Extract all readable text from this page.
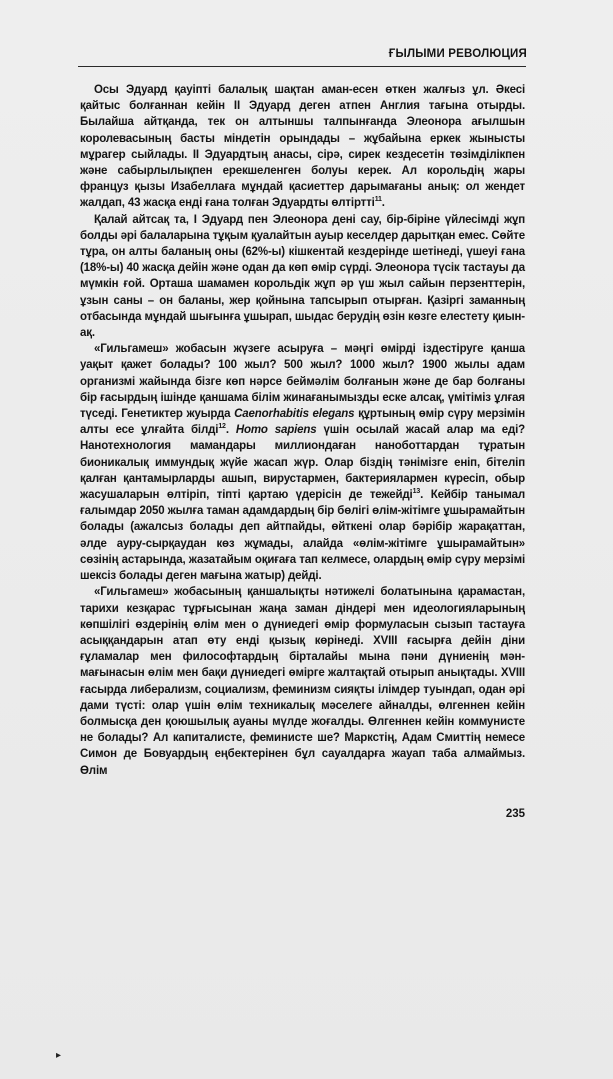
ҒЫЛЫМИ РЕВОЛЮЦИЯ

Осы Эдуард қауіпті балалық шақтан аман-есен өткен жалғыз ұл. Әкесі қайтыс болғаннан кейін II Эдуард деген атпен Англия тағына отырды. Былайша айтқанда, тек он алтыншы талпынғанда Элеонора ағылшын королевасының басты міндетін орындады – жұбайына еркек жынысты мұрагер сыйлады. II Эдуардтың анасы, сірә, сирек кездесетін төзімділікпен және сабырлылықпен ерекшеленген болуы керек. Ал корольдің жары француз қызы Изабеллаға мұндай қасиеттер дарымағаны анық: ол жендет жалдап, 43 жасқа енді ғана толған Эдуардты өлтіртті$^{11}$.

Қалай айтсақ та, I Эдуард пен Элеонора дені сау, бір-біріне үйлесімді жұп болды әрі балаларына тұқым қуалайтын ауыр кеселдер дарытқан емес. Сөйте тұра, он алты баланың оны (62%-ы) кішкентай кездерінде шетінеді, үшеуі ғана (18%-ы) 40 жасқа дейін және одан да көп өмір сүрді. Элеонора түсік тастауы да мүмкін ғой. Орташа шамамен корольдік жұп әр үш жыл сайын перзенттерін, ұзын саны – он баланы, жер қойнына тапсырып отырған. Қазіргі заманның отбасында мұндай шығынға ұшырап, шыдас берудің өзін көзге елестету қиын-ақ.

«Гильгамеш» жобасын жүзеге асыруға – мәңгі өмірді іздестіруге қанша уақыт қажет болады? 100 жыл? 500 жыл? 1000 жыл? 1900 жылы адам организмі жайында бізге көп нәрсе беймәлім болғанын және де бар болғаны бір ғасырдың ішінде қаншама білім жинағанымызды еске алсақ, үмітіміз ұлғая түседі. Генетиктер жуырда Caenorhabitis elegans құртының өмір сүру мерзімін алты есе ұлғайта білді$^{12}$. Homo sapiens үшін осылай жасай алар ма еді? Нанотехнология мамандары миллиондаған наноботтардан тұратын бионикалық иммундық жүйе жасап жүр. Олар біздің тәнімізге еніп, бітеліп қалған қантамырларды ашып, вирустармен, бактериялармен күресіп, обыр жасушаларын өлтіріп, тіпті қартаю үдерісін де тежейді$^{13}$. Кейбір танымал ғалымдар 2050 жылға таман адамдардың бір бөлігі өлім-жітімге ұшырамайтын болады (ажалсыз болады деп айтпайды, өйткені олар бәрібір жарақаттан, әлде ауру-сырқаудан көз жұмады, алайда «өлім-жітімге ұшырамайтын» сөзінің астарында, жазатайым оқиғаға тап келмесе, олардың өмір сүру мерзімі шексіз болады деген мағына жатыр) дейді.

«Гильгамеш» жобасының қаншалықты нәтижелі болатынына қарамастан, тарихи кезқарас тұрғысынан жаңа заман діндері мен идеологияларының көпшілігі өздерінің өлім мен о дүниедегі өмір формуласын сызып тастауға асыққандарын атап өту енді қызық көрінеді. XVIII ғасырға дейін діни ғұламалар мен философтардың бірталайы мына пәни дүниенің мән-мағынасын өлім мен бақи дүниедегі өмірге жалтақтай отырып анықтады. XVIII ғасырда либерализм, социализм, феминизм сияқты ілімдер туындап, одан әрі дами түсті: олар үшін өлім техникалық мәселеге айналды, өлгеннен кейін болмысқа ден қоюшылық ауаны мүлде жоғалды. Өлгеннен кейін коммунисте не болады? Ал капиталисте, феминисте ше? Маркстің, Адам Смиттің немесе Симон де Бовуардың еңбектерінен бұл сауалдарға жауап таба алмаймыз. Өлім

235
▸
